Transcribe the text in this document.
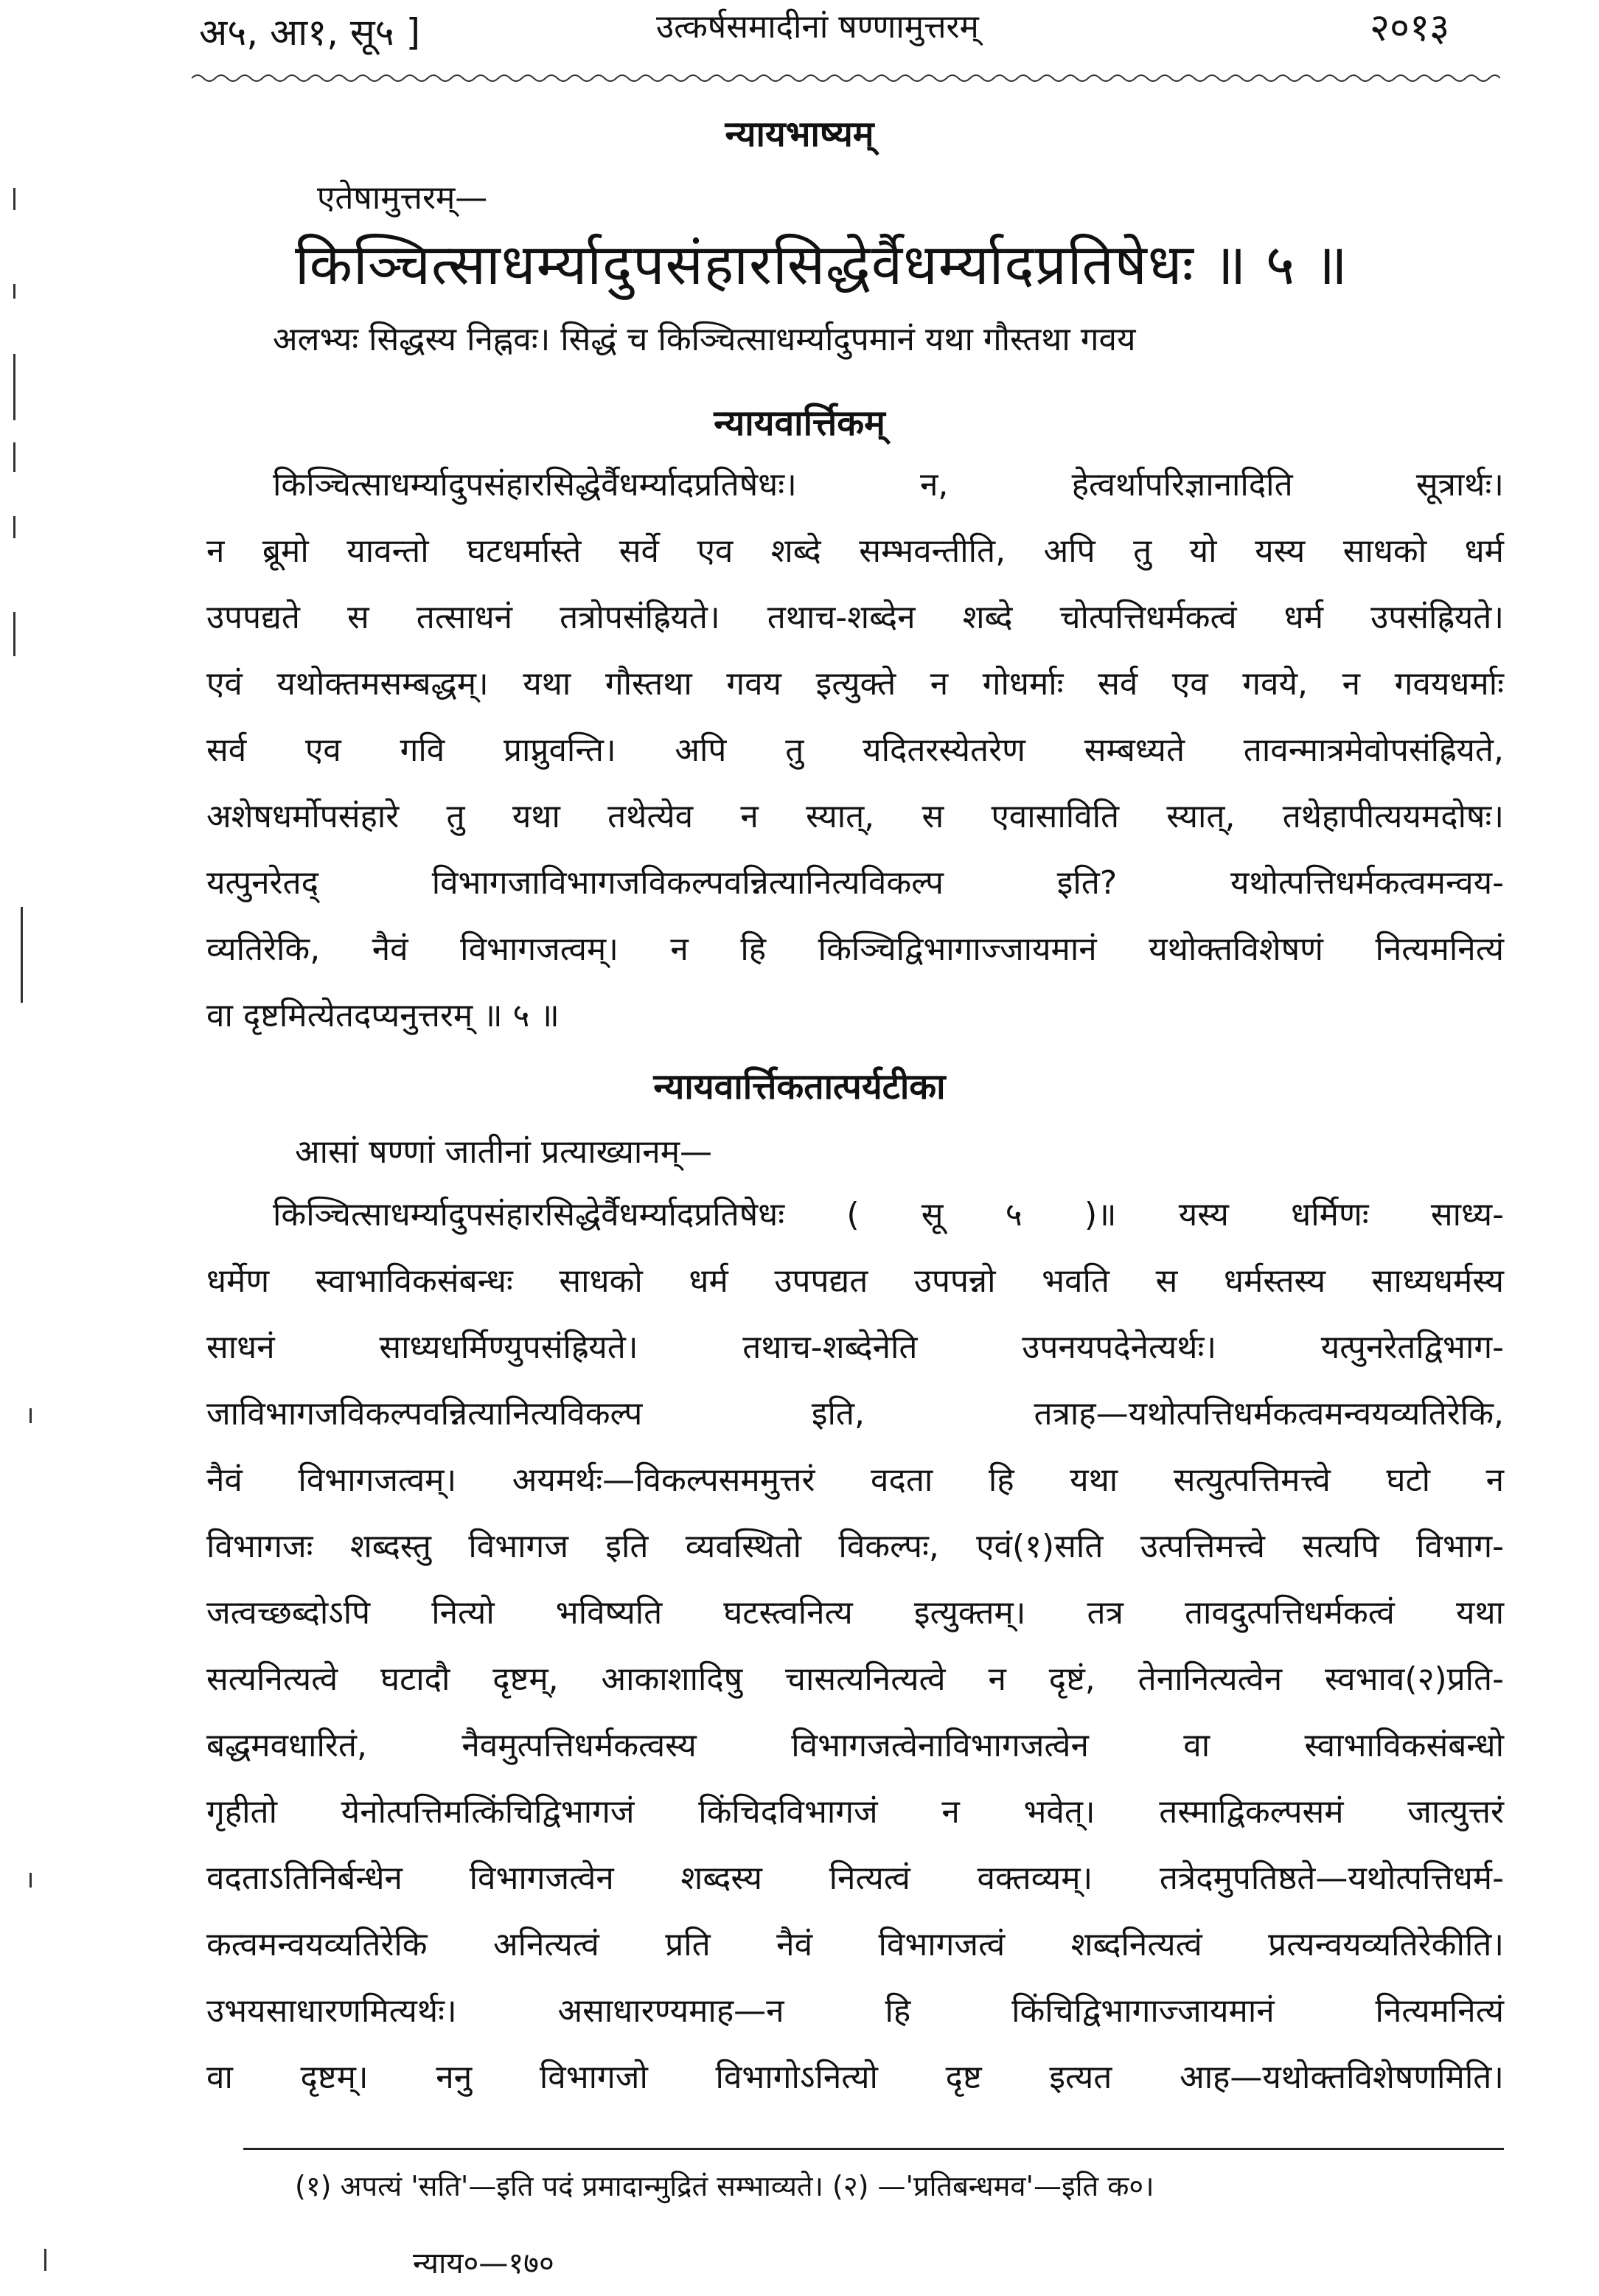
अ५, आ१, सू५ ]	उत्कर्षसमादीनां षण्णामुत्तरम्	२०१३
न्यायभाष्यम्
एतेषामुत्तरम्—
किञ्चित्साधर्म्यादुपसंहारसिद्धेर्वैधर्म्यादप्रतिषेधः ॥ ५ ॥
अलभ्यः सिद्धस्य निह्नवः। सिद्धं च किञ्चित्साधर्म्यादुपमानं यथा गौस्तथा गवय
न्यायवार्त्तिकम्
किञ्चित्साधर्म्यादुपसंहारसिद्धेर्वैधर्म्यादप्रतिषेधः। न, हेत्वर्थापरिज्ञानादिति सूत्रार्थः।
न ब्रूमो यावन्तो घटधर्मास्ते सर्वे एव शब्दे सम्भवन्तीति, अपि तु यो यस्य साधको धर्म
उपपद्यते स तत्साधनं तत्रोपसंह्रियते। तथाच-शब्देन शब्दे चोत्पत्तिधर्मकत्वं धर्म उपसंह्रियते।
एवं यथोक्तमसम्बद्धम्। यथा गौस्तथा गवय इत्युक्ते न गोधर्माः सर्व एव गवये, न गवयधर्माः
सर्व एव गवि प्राप्नुवन्ति। अपि तु यदितरस्येतरेण सम्बध्यते तावन्मात्रमेवोपसंह्रियते,
अशेषधर्मोपसंहारे तु यथा तथेत्येव न स्यात्, स एवासाविति स्यात्, तथेहापीत्ययमदोषः।
यत्पुनरेतद् विभागजाविभागजविकल्पवन्नित्यानित्यविकल्प इति? यथोत्पत्तिधर्मकत्वमन्वय-
व्यतिरेकि, नैवं विभागजत्वम्। न हि किञ्चिद्विभागाज्जायमानं यथोक्तविशेषणं नित्यमनित्यं
वा दृष्टमित्येतदप्यनुत्तरम् ॥ ५ ॥
न्यायवार्त्तिकतात्पर्यटीका
आसां षण्णां जातीनां प्रत्याख्यानम्—
किञ्चित्साधर्म्यादुपसंहारसिद्धेर्वैधर्म्यादप्रतिषेधः ( सू ५ )॥ यस्य धर्मिणः साध्य-
धर्मेण स्वाभाविकसंबन्धः साधको धर्म उपपद्यत उपपन्नो भवति स धर्मस्तस्य साध्यधर्मस्य
साधनं साध्यधर्मिण्युपसंह्रियते। तथाच-शब्देनेति उपनयपदेनेत्यर्थः। यत्पुनरेतद्विभाग-
जाविभागजविकल्पवन्नित्यानित्यविकल्प इति, तत्राह—यथोत्पत्तिधर्मकत्वमन्वयव्यतिरेकि,
नैवं विभागजत्वम्। अयमर्थः—विकल्पसममुत्तरं वदता हि यथा सत्युत्पत्तिमत्त्वे घटो न
विभागजः शब्दस्तु विभागज इति व्यवस्थितो विकल्पः, एवं(१)सति उत्पत्तिमत्त्वे सत्यपि विभाग-
जत्वच्छब्दोऽपि नित्यो भविष्यति घटस्त्वनित्य इत्युक्तम्। तत्र तावदुत्पत्तिधर्मकत्वं यथा
सत्यनित्यत्वे घटादौ दृष्टम्, आकाशादिषु चासत्यनित्यत्वे न दृष्टं, तेनानित्यत्वेन स्वभाव(२)प्रति-
बद्धमवधारितं, नैवमुत्पत्तिधर्मकत्वस्य विभागजत्वेनाविभागजत्वेन वा स्वाभाविकसंबन्धो
गृहीतो येनोत्पत्तिमत्किंचिद्विभागजं किंचिदविभागजं न भवेत्। तस्माद्विकल्पसमं जात्युत्तरं
वदताऽतिनिर्बन्धेन विभागजत्वेन शब्दस्य नित्यत्वं वक्तव्यम्। तत्रेदमुपतिष्ठते—यथोत्पत्तिधर्म-
कत्वमन्वयव्यतिरेकि अनित्यत्वं प्रति नैवं विभागजत्वं शब्दनित्यत्वं प्रत्यन्वयव्यतिरेकीति।
उभयसाधारणमित्यर्थः। असाधारण्यमाह—न हि किंचिद्विभागाज्जायमानं नित्यमनित्यं
वा दृष्टम्। ननु विभागजो विभागोऽनित्यो दृष्ट इत्यत आह—यथोक्तविशेषणमिति।
(१) अपत्यं 'सति'—इति पदं प्रमादान्मुद्रितं सम्भाव्यते। (२) —'प्रतिबन्धमव'—इति क०।
न्याय०—१७०
